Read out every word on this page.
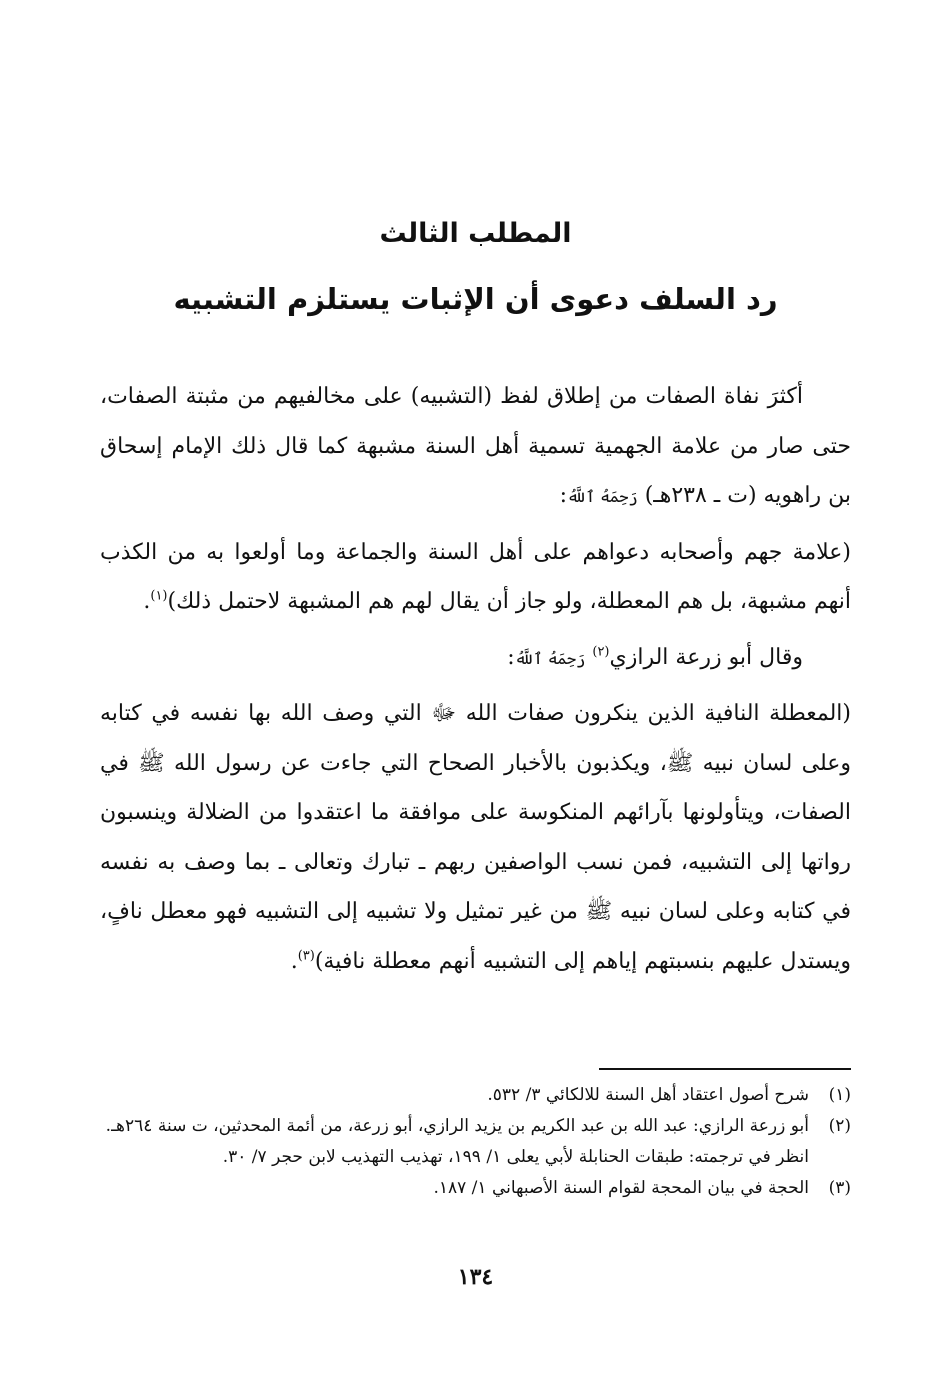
المطلب الثالث
رد السلف دعوى أن الإثبات يستلزم التشبيه

أكثرَ نفاة الصفات من إطلاق لفظ (التشبيه) على مخالفيهم من مثبتة الصفات، حتى صار من علامة الجهمية تسمية أهل السنة مشبهة كما قال ذلك الإمام إسحاق بن راهويه (ت ـ ٢٣٨هـ) رَحِمَهُ ٱللَّهُ:

(علامة جهم وأصحابه دعواهم على أهل السنة والجماعة وما أولعوا به من الكذب أنهم مشبهة، بل هم المعطلة، ولو جاز أن يقال لهم هم المشبهة لاحتمل ذلك)$^{(١)}$.

وقال أبو زرعة الرازي$^{(٢)}$ رَحِمَهُ ٱللَّهُ:

(المعطلة النافية الذين ينكرون صفات الله ﷻ التي وصف الله بها نفسه في كتابه وعلى لسان نبيه ﷺ، ويكذبون بالأخبار الصحاح التي جاءت عن رسول الله ﷺ في الصفات، ويتأولونها بآرائهم المنكوسة على موافقة ما اعتقدوا من الضلالة وينسبون رواتها إلى التشبيه، فمن نسب الواصفين ربهم ـ تبارك وتعالى ـ بما وصف به نفسه في كتابه وعلى لسان نبيه ﷺ من غير تمثيل ولا تشبيه إلى التشبيه فهو معطل نافٍ، ويستدل عليهم بنسبتهم إياهم إلى التشبيه أنهم معطلة نافية)$^{(٣)}$.

(١)
شرح أصول اعتقاد أهل السنة للالكائي ٣/ ٥٣٢.
(٢)
أبو زرعة الرازي: عبد الله بن عبد الكريم بن يزيد الرازي، أبو زرعة، من أئمة المحدثين، ت سنة ٢٦٤هـ.
انظر في ترجمته: طبقات الحنابلة لأبي يعلى ١/ ١٩٩، تهذيب التهذيب لابن حجر ٧/ ٣٠.
(٣)
الحجة في بيان المحجة لقوام السنة الأصبهاني ١/ ١٨٧.
١٣٤
